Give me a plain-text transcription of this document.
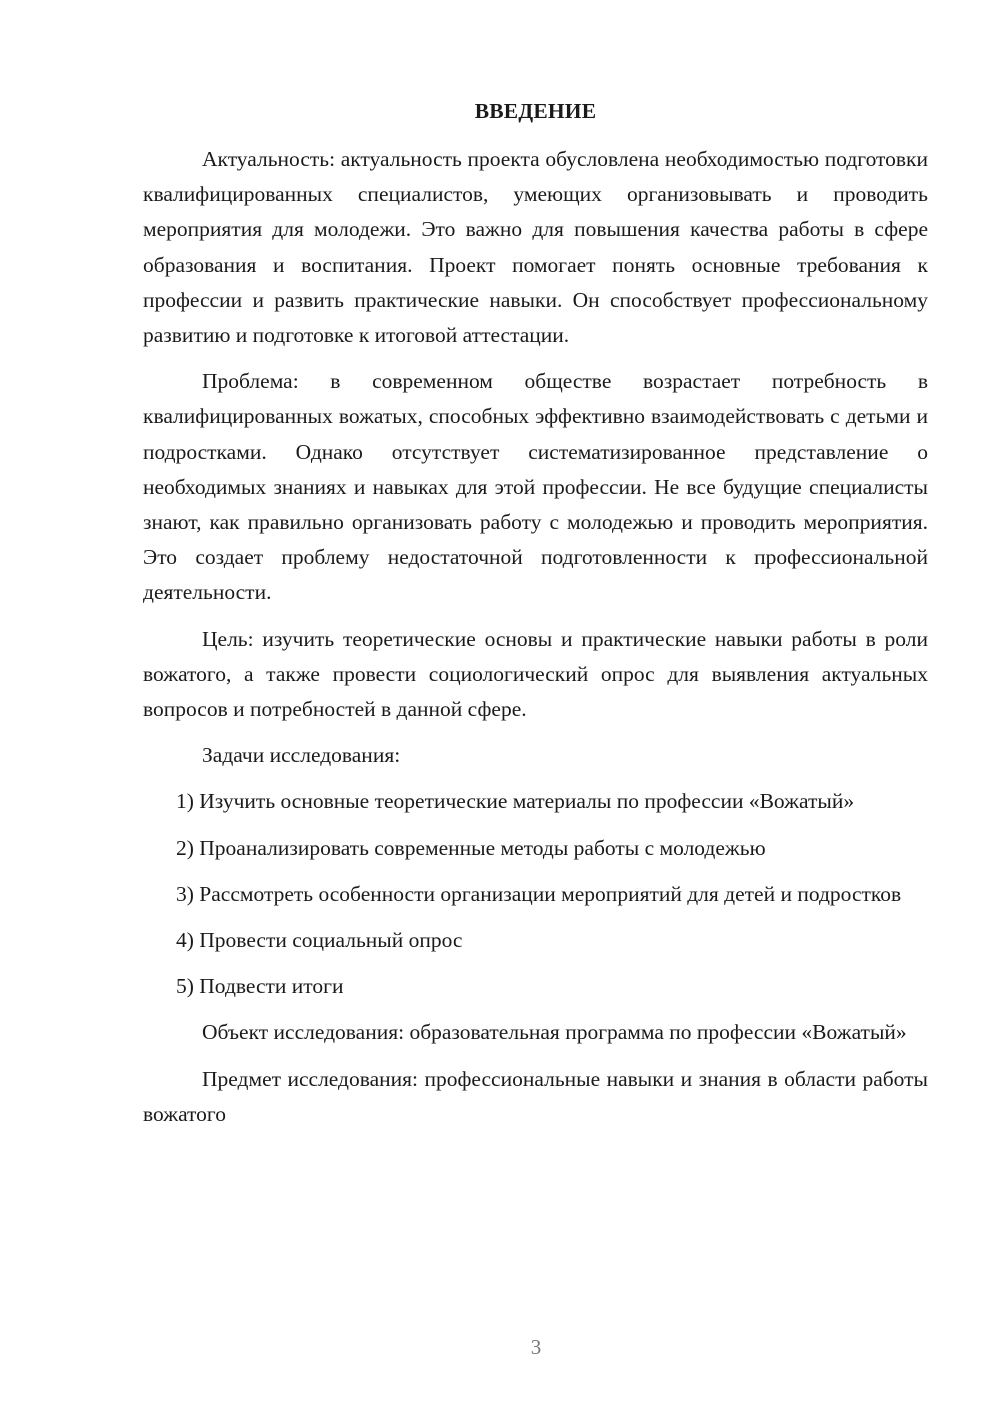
ВВЕДЕНИЕ

Актуальность: актуальность проекта обусловлена необходимостью подготовки квалифицированных специалистов, умеющих организовывать и проводить мероприятия для молодежи. Это важно для повышения качества работы в сфере образования и воспитания. Проект помогает понять основные требования к профессии и развить практические навыки. Он способствует профессиональному развитию и подготовке к итоговой аттестации.

Проблема: в современном обществе возрастает потребность в квалифицированных вожатых, способных эффективно взаимодействовать с детьми и подростками. Однако отсутствует систематизированное представление о необходимых знаниях и навыках для этой профессии. Не все будущие специалисты знают, как правильно организовать работу с молодежью и проводить мероприятия. Это создает проблему недостаточной подготовленности к профессиональной деятельности.

Цель: изучить теоретические основы и практические навыки работы в роли вожатого, а также провести социологический опрос для выявления актуальных вопросов и потребностей в данной сфере.

Задачи исследования:

1) Изучить основные теоретические материалы по профессии «Вожатый»

2) Проанализировать современные методы работы с молодежью

3) Рассмотреть особенности организации мероприятий для детей и подростков

4) Провести социальный опрос

5) Подвести итоги

Объект исследования: образовательная программа по профессии «Вожатый»

Предмет исследования: профессиональные навыки и знания в области работы вожатого

3
